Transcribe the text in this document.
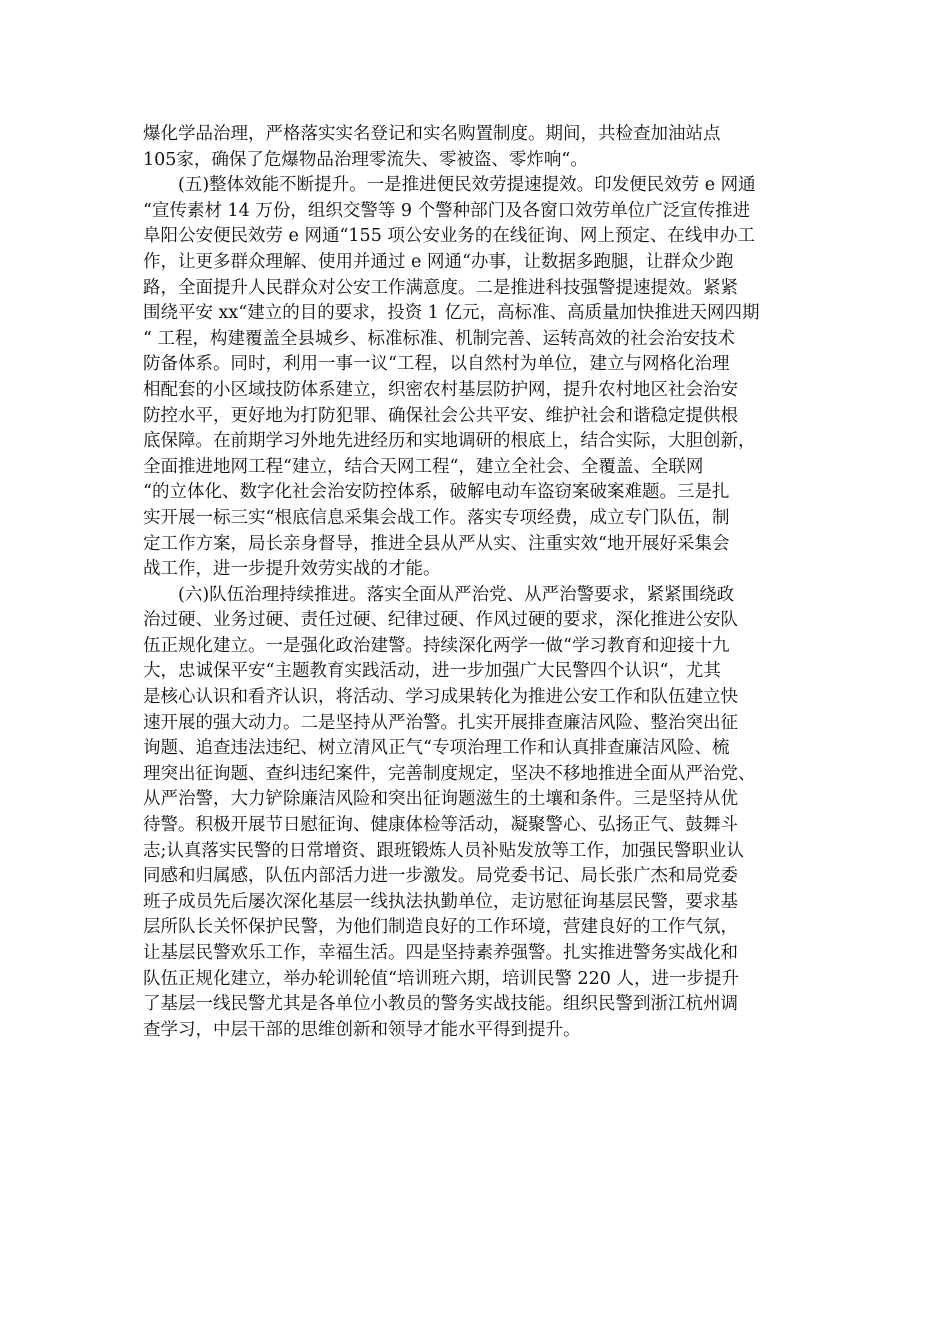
爆化学品治理，严格落实实名登记和实名购置制度。期间，共检查加油站点
105家，确保了危爆物品治理零流失、零被盗、零炸响“。
(五)整体效能不断提升。一是推进便民效劳提速提效。印发便民效劳 e 网通
“宣传素材 14 万份，组织交警等 9 个警种部门及各窗口效劳单位广泛宣传推进
阜阳公安便民效劳 e 网通“155 项公安业务的在线征询、网上预定、在线申办工
作，让更多群众理解、使用并通过 e 网通“办事，让数据多跑腿，让群众少跑
路，全面提升人民群众对公安工作满意度。二是推进科技强警提速提效。紧紧
围绕平安 xx“建立的目的要求，投资 1 亿元，高标准、高质量加快推进天网四期
“ 工程，构建覆盖全县城乡、标准标准、机制完善、运转高效的社会治安技术
防备体系。同时，利用一事一议“工程，以自然村为单位，建立与网格化治理
相配套的小区域技防体系建立，织密农村基层防护网，提升农村地区社会治安
防控水平，更好地为打防犯罪、确保社会公共平安、维护社会和谐稳定提供根
底保障。在前期学习外地先进经历和实地调研的根底上，结合实际，大胆创新，
全面推进地网工程“建立，结合天网工程“，建立全社会、全覆盖、全联网
“的立体化、数字化社会治安防控体系，破解电动车盗窃案破案难题。三是扎
实开展一标三实“根底信息采集会战工作。落实专项经费，成立专门队伍，制
定工作方案，局长亲身督导，推进全县从严从实、注重实效“地开展好采集会
战工作，进一步提升效劳实战的才能。
(六)队伍治理持续推进。落实全面从严治党、从严治警要求，紧紧围绕政
治过硬、业务过硬、责任过硬、纪律过硬、作风过硬的要求，深化推进公安队
伍正规化建立。一是强化政治建警。持续深化两学一做“学习教育和迎接十九
大，忠诚保平安“主题教育实践活动，进一步加强广大民警四个认识“，尤其
是核心认识和看齐认识，将活动、学习成果转化为推进公安工作和队伍建立快
速开展的强大动力。二是坚持从严治警。扎实开展排查廉洁风险、整治突出征
询题、追查违法违纪、树立清风正气“专项治理工作和认真排查廉洁风险、梳
理突出征询题、查纠违纪案件，完善制度规定，坚决不移地推进全面从严治党、
从严治警，大力铲除廉洁风险和突出征询题滋生的土壤和条件。三是坚持从优
待警。积极开展节日慰征询、健康体检等活动，凝聚警心、弘扬正气、鼓舞斗
志;认真落实民警的日常增资、跟班锻炼人员补贴发放等工作，加强民警职业认
同感和归属感，队伍内部活力进一步激发。局党委书记、局长张广杰和局党委
班子成员先后屡次深化基层一线执法执勤单位，走访慰征询基层民警，要求基
层所队长关怀保护民警，为他们制造良好的工作环境，营建良好的工作气氛，
让基层民警欢乐工作，幸福生活。四是坚持素养强警。扎实推进警务实战化和
队伍正规化建立，举办轮训轮值“培训班六期，培训民警 220 人，进一步提升
了基层一线民警尤其是各单位小教员的警务实战技能。组织民警到浙江杭州调
查学习，中层干部的思维创新和领导才能水平得到提升。
